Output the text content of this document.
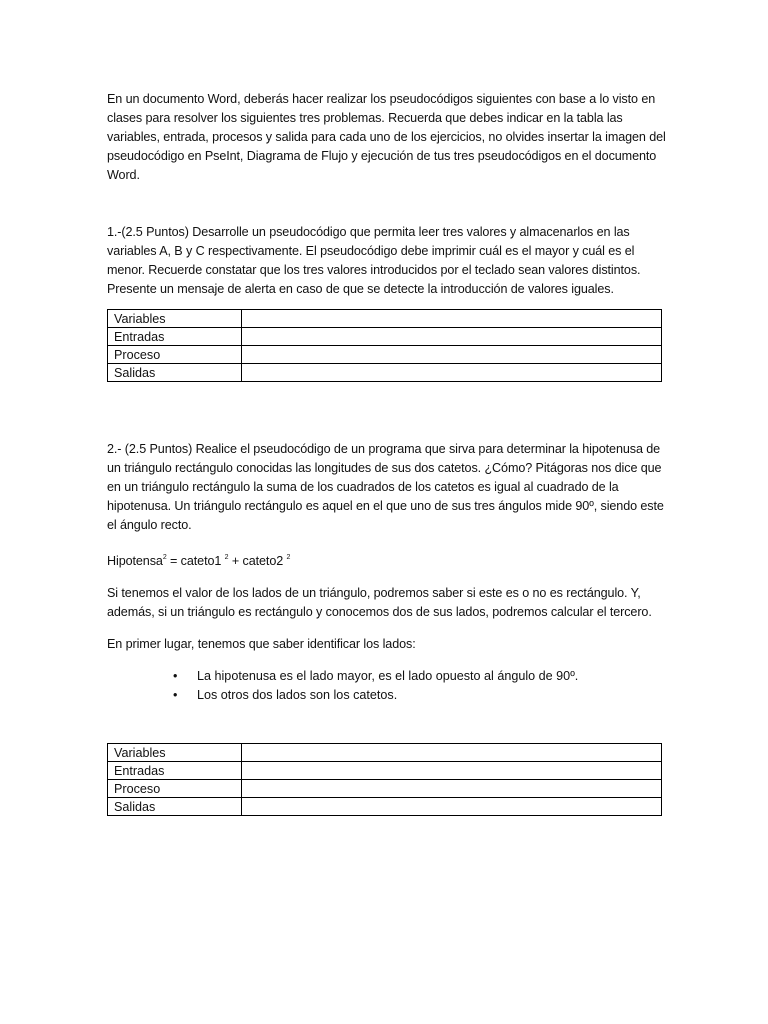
En un documento Word, deberás hacer realizar los pseudocódigos siguientes con base a lo visto en clases para resolver los siguientes tres problemas. Recuerda que debes indicar en la tabla las variables, entrada, procesos y salida para cada uno de los ejercicios, no olvides insertar la imagen del pseudocódigo en PseInt, Diagrama de Flujo y ejecución de tus tres pseudocódigos en el documento Word.

1.-(2.5 Puntos) Desarrolle un pseudocódigo que permita leer tres valores y almacenarlos en las variables A, B y C respectivamente. El pseudocódigo debe imprimir cuál es el mayor y cuál es el menor. Recuerde constatar que los tres valores introducidos por el teclado sean valores distintos. Presente un mensaje de alerta en caso de que se detecte la introducción de valores iguales.

Variables	
Entradas	
Proceso	
Salidas	

2.- (2.5 Puntos) Realice el pseudocódigo de un programa que sirva para determinar la hipotenusa de un triángulo rectángulo conocidas las longitudes de sus dos catetos. ¿Cómo? Pitágoras nos dice que en un triángulo rectángulo la suma de los cuadrados de los catetos es igual al cuadrado de la hipotenusa. Un triángulo rectángulo es aquel en el que uno de sus tres ángulos mide 90º, siendo este el ángulo recto.

Hipotensa$^2$ = cateto1 $^2$ + cateto2 $^2$

Si tenemos el valor de los lados de un triángulo, podremos saber si este es o no es rectángulo. Y, además, si un triángulo es rectángulo y conocemos dos de sus lados, podremos calcular el tercero.

En primer lugar, tenemos que saber identificar los lados:

• La hipotenusa es el lado mayor, es el lado opuesto al ángulo de 90º.
• Los otros dos lados son los catetos.
Variables	
Entradas	
Proceso	
Salidas	
